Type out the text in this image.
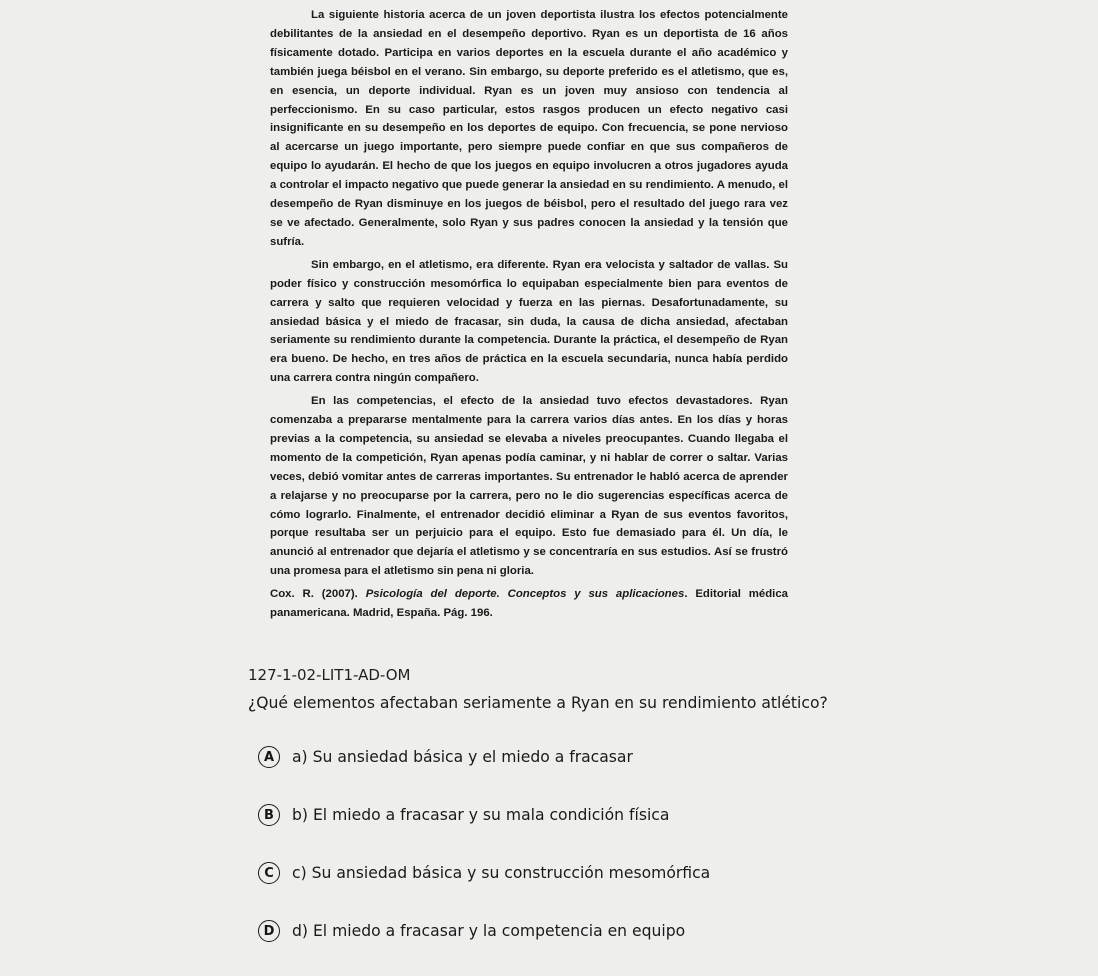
La siguiente historia acerca de un joven deportista ilustra los efectos potencialmente debilitantes de la ansiedad en el desempeño deportivo. Ryan es un deportista de 16 años físicamente dotado. Participa en varios deportes en la escuela durante el año académico y también juega béisbol en el verano. Sin embargo, su deporte preferido es el atletismo, que es, en esencia, un deporte individual. Ryan es un joven muy ansioso con tendencia al perfeccionismo. En su caso particular, estos rasgos producen un efecto negativo casi insignificante en su desempeño en los deportes de equipo. Con frecuencia, se pone nervioso al acercarse un juego importante, pero siempre puede confiar en que sus compañeros de equipo lo ayudarán. El hecho de que los juegos en equipo involucren a otros jugadores ayuda a controlar el impacto negativo que puede generar la ansiedad en su rendimiento. A menudo, el desempeño de Ryan disminuye en los juegos de béisbol, pero el resultado del juego rara vez se ve afectado. Generalmente, solo Ryan y sus padres conocen la ansiedad y la tensión que sufría.

Sin embargo, en el atletismo, era diferente. Ryan era velocista y saltador de vallas. Su poder físico y construcción mesomórfica lo equipaban especialmente bien para eventos de carrera y salto que requieren velocidad y fuerza en las piernas. Desafortunadamente, su ansiedad básica y el miedo de fracasar, sin duda, la causa de dicha ansiedad, afectaban seriamente su rendimiento durante la competencia. Durante la práctica, el desempeño de Ryan era bueno. De hecho, en tres años de práctica en la escuela secundaria, nunca había perdido una carrera contra ningún compañero.

En las competencias, el efecto de la ansiedad tuvo efectos devastadores. Ryan comenzaba a prepararse mentalmente para la carrera varios días antes. En los días y horas previas a la competencia, su ansiedad se elevaba a niveles preocupantes. Cuando llegaba el momento de la competición, Ryan apenas podía caminar, y ni hablar de correr o saltar. Varias veces, debió vomitar antes de carreras importantes. Su entrenador le habló acerca de aprender a relajarse y no preocuparse por la carrera, pero no le dio sugerencias específicas acerca de cómo lograrlo. Finalmente, el entrenador decidió eliminar a Ryan de sus eventos favoritos, porque resultaba ser un perjuicio para el equipo. Esto fue demasiado para él. Un día, le anunció al entrenador que dejaría el atletismo y se concentraría en sus estudios. Así se frustró una promesa para el atletismo sin pena ni gloria.

Cox. R. (2007). Psicología del deporte. Conceptos y sus aplicaciones. Editorial médica panamericana. Madrid, España. Pág. 196.

127-1-02-LIT1-AD-OM
¿Qué elementos afectaban seriamente a Ryan en su rendimiento atlético?
A	a) Su ansiedad básica y el miedo a fracasar
B	b) El miedo a fracasar y su mala condición física
C	c) Su ansiedad básica y su construcción mesomórfica
D	d) El miedo a fracasar y la competencia en equipo
